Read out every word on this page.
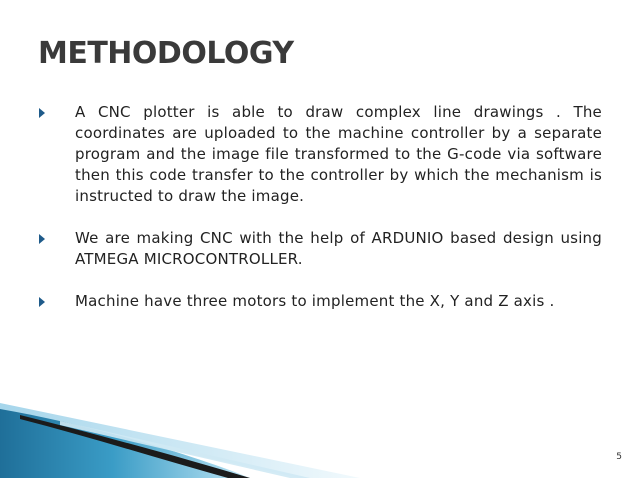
METHODOLOGY
A CNC plotter is able to draw complex line drawings . The coordinates are uploaded to the machine controller by a separate program and the image file transformed to the G-code via software then this code transfer to the controller by which the mechanism is instructed to draw the image.
We are making CNC with the help of ARDUNIO based design using ATMEGA MICROCONTROLLER.
Machine have three motors to implement the X, Y and Z axis .
5
